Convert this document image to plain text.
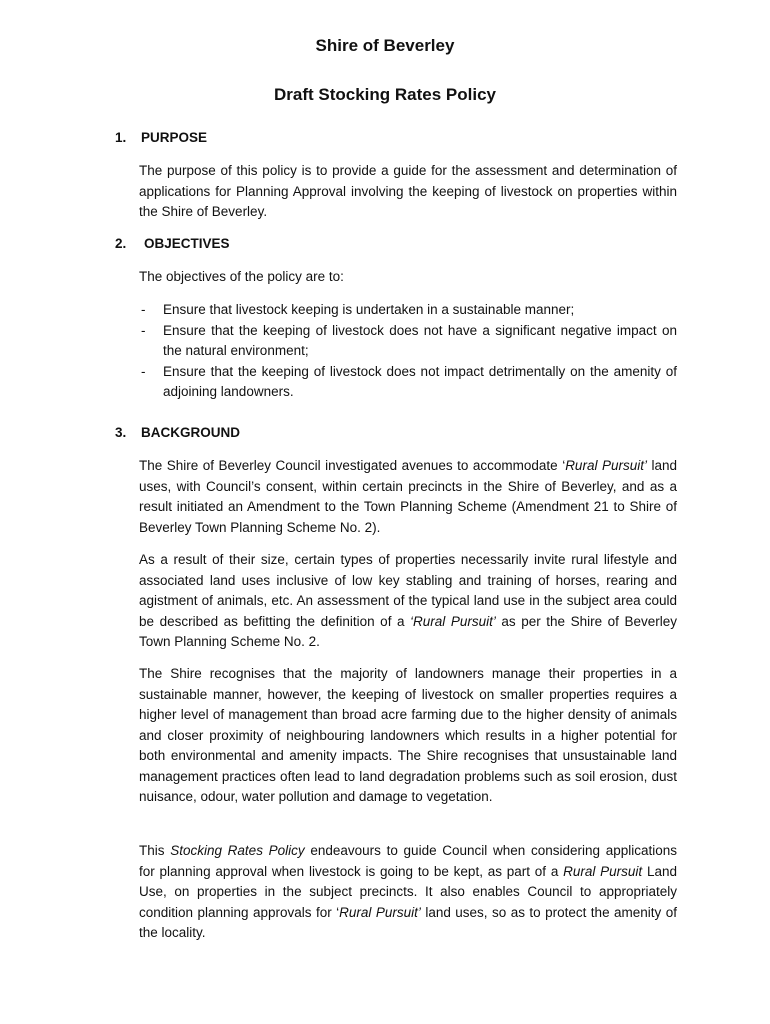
Shire of Beverley
Draft Stocking Rates Policy
1. PURPOSE

The purpose of this policy is to provide a guide for the assessment and determination of applications for Planning Approval involving the keeping of livestock on properties within the Shire of Beverley.

2. OBJECTIVES

The objectives of the policy are to:

- Ensure that livestock keeping is undertaken in a sustainable manner;
- Ensure that the keeping of livestock does not have a significant negative impact on the natural environment;
- Ensure that the keeping of livestock does not impact detrimentally on the amenity of adjoining landowners.
3. BACKGROUND

The Shire of Beverley Council investigated avenues to accommodate ‘Rural Pursuit’ land uses, with Council’s consent, within certain precincts in the Shire of Beverley, and as a result initiated an Amendment to the Town Planning Scheme (Amendment 21 to Shire of Beverley Town Planning Scheme No. 2).

As a result of their size, certain types of properties necessarily invite rural lifestyle and associated land uses inclusive of low key stabling and training of horses, rearing and agistment of animals, etc. An assessment of the typical land use in the subject area could be described as befitting the definition of a ‘Rural Pursuit’ as per the Shire of Beverley Town Planning Scheme No. 2.

The Shire recognises that the majority of landowners manage their properties in a sustainable manner, however, the keeping of livestock on smaller properties requires a higher level of management than broad acre farming due to the higher density of animals and closer proximity of neighbouring landowners which results in a higher potential for both environmental and amenity impacts. The Shire recognises that unsustainable land management practices often lead to land degradation problems such as soil erosion, dust nuisance, odour, water pollution and damage to vegetation.

This Stocking Rates Policy endeavours to guide Council when considering applications for planning approval when livestock is going to be kept, as part of a Rural Pursuit Land Use, on properties in the subject precincts. It also enables Council to appropriately condition planning approvals for ‘Rural Pursuit’ land uses, so as to protect the amenity of the locality.
